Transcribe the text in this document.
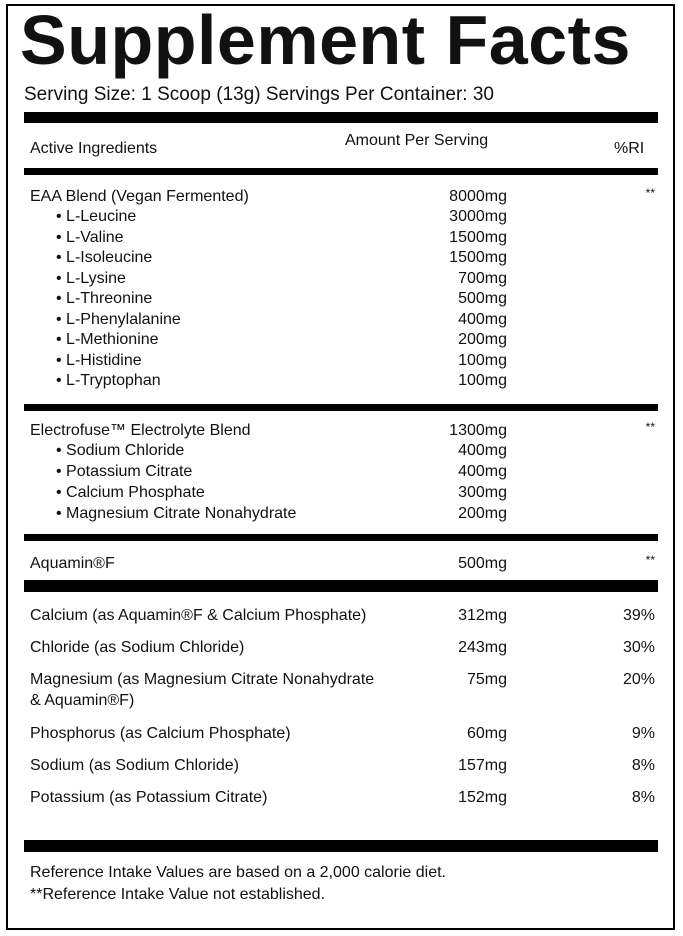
Supplement Facts
Serving Size: 1 Scoop (13g) Servings Per Container: 30
Active Ingredients	Amount Per Serving	%RI
EAA Blend (Vegan Fermented)	8000mg	**
• L-Leucine	3000mg
• L-Valine	1500mg
• L-Isoleucine	1500mg
• L-Lysine	700mg
• L-Threonine	500mg
• L-Phenylalanine	400mg
• L-Methionine	200mg
• L-Histidine	100mg
• L-Tryptophan	100mg
Electrofuse™ Electrolyte Blend	1300mg	**
• Sodium Chloride	400mg
• Potassium Citrate	400mg
• Calcium Phosphate	300mg
• Magnesium Citrate Nonahydrate	200mg
Aquamin®F	500mg	**
Calcium (as Aquamin®F & Calcium Phosphate)	312mg	39%
Chloride (as Sodium Chloride)	243mg	30%
Magnesium (as Magnesium Citrate Nonahydrate	75mg	20%
& Aquamin®F)
Phosphorus (as Calcium Phosphate)	60mg	9%
Sodium (as Sodium Chloride)	157mg	8%
Potassium (as Potassium Citrate)	152mg	8%
Reference Intake Values are based on a 2,000 calorie diet.
**Reference Intake Value not established.
